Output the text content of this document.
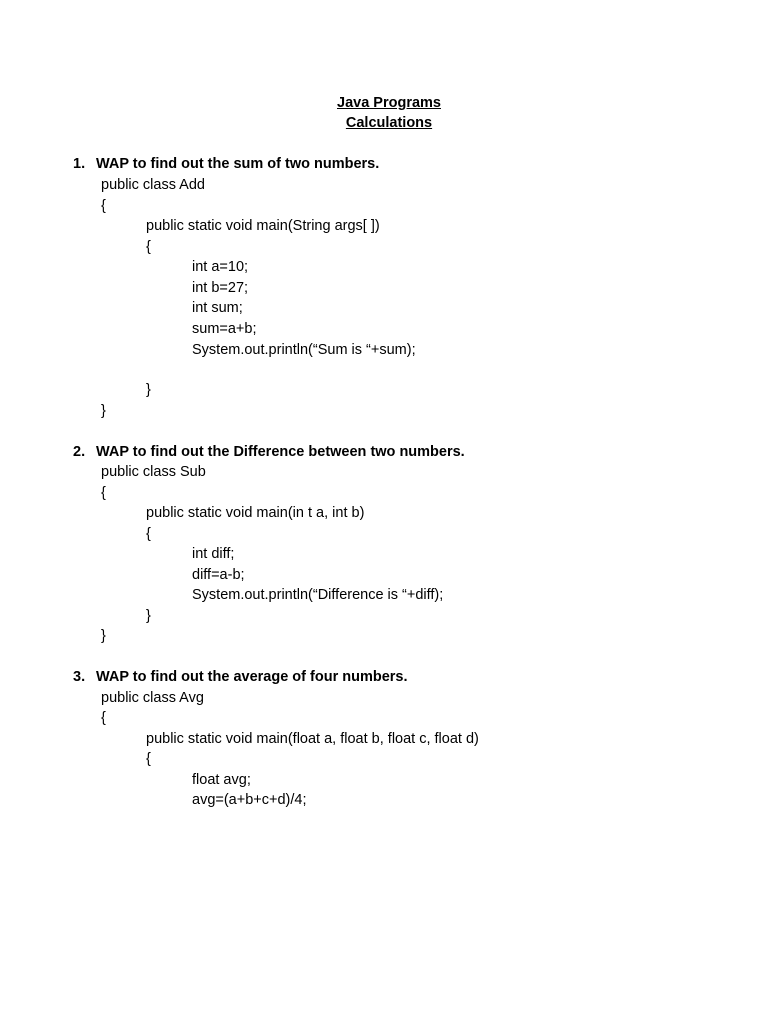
Java Programs
Calculations
1. WAP to find out the sum of two numbers.
public class Add
{
public static void main(String args[ ])
{
int a=10;
int b=27;
int sum;
sum=a+b;
System.out.println(“Sum is “+sum);
}
}
2. WAP to find out the Difference between two numbers.
public class Sub
{
public static void main(in t a, int b)
{
int diff;
diff=a-b;
System.out.println(“Difference is “+diff);
}
}
3. WAP to find out the average of four numbers.
public class Avg
{
public static void main(float a, float b, float c, float d)
{
float avg;
avg=(a+b+c+d)/4;
